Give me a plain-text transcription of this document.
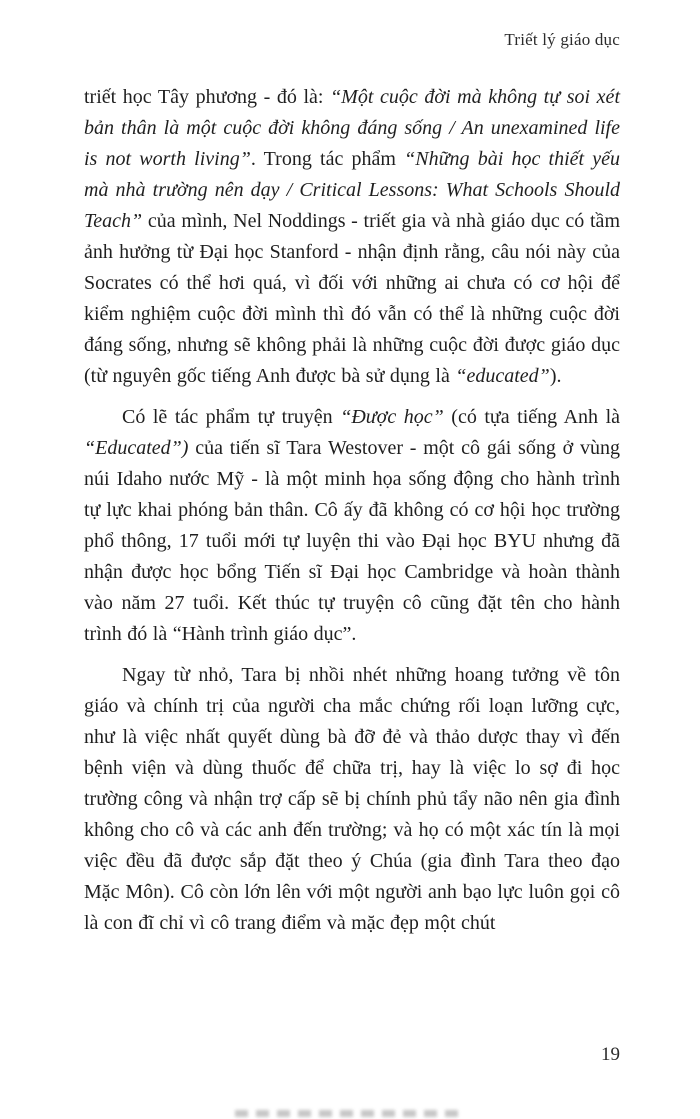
Triết lý giáo dục

triết học Tây phương - đó là: “Một cuộc đời mà không tự soi xét bản thân là một cuộc đời không đáng sống / An unexamined life is not worth living”. Trong tác phẩm “Những bài học thiết yếu mà nhà trường nên dạy / Critical Lessons: What Schools Should Teach” của mình, Nel Noddings - triết gia và nhà giáo dục có tầm ảnh hưởng từ Đại học Stanford - nhận định rằng, câu nói này của Socrates có thể hơi quá, vì đối với những ai chưa có cơ hội để kiểm nghiệm cuộc đời mình thì đó vẫn có thể là những cuộc đời đáng sống, nhưng sẽ không phải là những cuộc đời được giáo dục (từ nguyên gốc tiếng Anh được bà sử dụng là “educated”).

Có lẽ tác phẩm tự truyện “Được học” (có tựa tiếng Anh là “Educated”) của tiến sĩ Tara Westover - một cô gái sống ở vùng núi Idaho nước Mỹ - là một minh họa sống động cho hành trình tự lực khai phóng bản thân. Cô ấy đã không có cơ hội học trường phổ thông, 17 tuổi mới tự luyện thi vào Đại học BYU nhưng đã nhận được học bổng Tiến sĩ Đại học Cambridge và hoàn thành vào năm 27 tuổi. Kết thúc tự truyện cô cũng đặt tên cho hành trình đó là “Hành trình giáo dục”.

Ngay từ nhỏ, Tara bị nhồi nhét những hoang tưởng về tôn giáo và chính trị của người cha mắc chứng rối loạn lưỡng cực, như là việc nhất quyết dùng bà đỡ đẻ và thảo dược thay vì đến bệnh viện và dùng thuốc để chữa trị, hay là việc lo sợ đi học trường công và nhận trợ cấp sẽ bị chính phủ tẩy não nên gia đình không cho cô và các anh đến trường; và họ có một xác tín là mọi việc đều đã được sắp đặt theo ý Chúa (gia đình Tara theo đạo Mặc Môn). Cô còn lớn lên với một người anh bạo lực luôn gọi cô là con đĩ chỉ vì cô trang điểm và mặc đẹp một chút

19
